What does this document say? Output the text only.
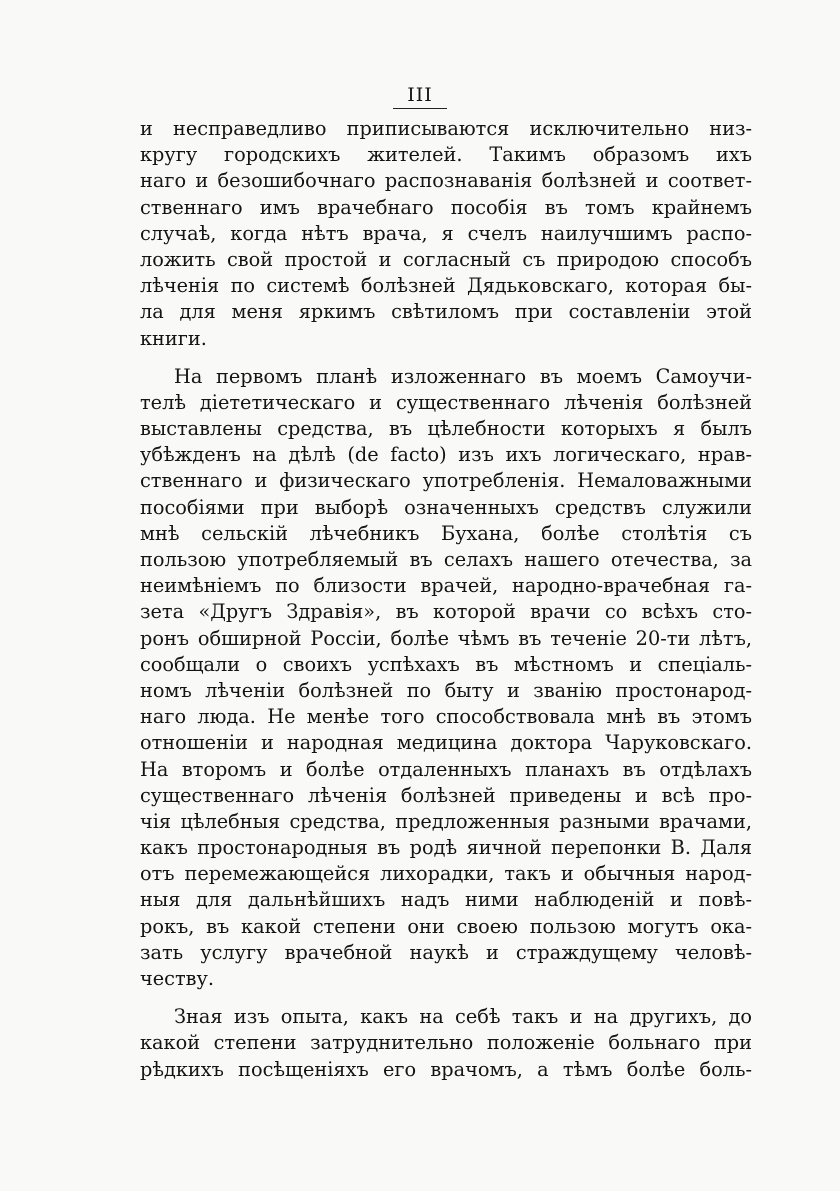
III
и несправедливо приписываются исключительно низ-
кругу городскихъ жителей. Такимъ образомъ ихъ
наго и безошибочнаго распознаванія болѣзней и соответ-
ственнаго имъ врачебнаго пособія въ томъ крайнемъ
случаѣ, когда нѣтъ врача, я счелъ наилучшимъ распо-
ложить свой простой и согласный съ природою способъ
лѣченія по системѣ болѣзней Дядьковскаго, которая бы-
ла для меня яркимъ свѣтиломъ при составленіи этой
книги.
На первомъ планѣ изложеннаго въ моемъ Самоучи-
телѣ діететическаго и существеннаго лѣченія болѣзней
выставлены средства, въ цѣлебности которыхъ я былъ
убѣжденъ на дѣлѣ (de facto) изъ ихъ логическаго, нрав-
ственнаго и физическаго употребленія. Немаловажными
пособіями при выборѣ означенныхъ средствъ служили
мнѣ сельскій лѣчебникъ Бухана, болѣе столѣтія съ
пользою употребляемый въ селахъ нашего отечества, за
неимѣніемъ по близости врачей, народно-врачебная га-
зета «Другъ Здравія», въ которой врачи со всѣхъ сто-
ронъ обширной Россіи, болѣе чѣмъ въ теченіе 20-ти лѣтъ,
сообщали о своихъ успѣхахъ въ мѣстномъ и спеціаль-
номъ лѣченіи болѣзней по быту и званію простонарод-
наго люда. Не менѣе того способствовала мнѣ въ этомъ
отношеніи и народная медицина доктора Чаруковскаго.
На второмъ и болѣе отдаленныхъ планахъ въ отдѣлахъ
существеннаго лѣченія болѣзней приведены и всѣ про-
чія цѣлебныя средства, предложенныя разными врачами,
какъ простонародныя въ родѣ яичной перепонки В. Даля
отъ перемежающейся лихорадки, такъ и обычныя народ-
ныя для дальнѣйшихъ надъ ними наблюденій и повѣ-
рокъ, въ какой степени они своею пользою могутъ ока-
зать услугу врачебной наукѣ и страждущему человѣ-
честву.
Зная изъ опыта, какъ на себѣ такъ и на другихъ, до
какой степени затруднительно положеніе больнаго при
рѣдкихъ посѣщеніяхъ его врачомъ, а тѣмъ болѣе боль-
